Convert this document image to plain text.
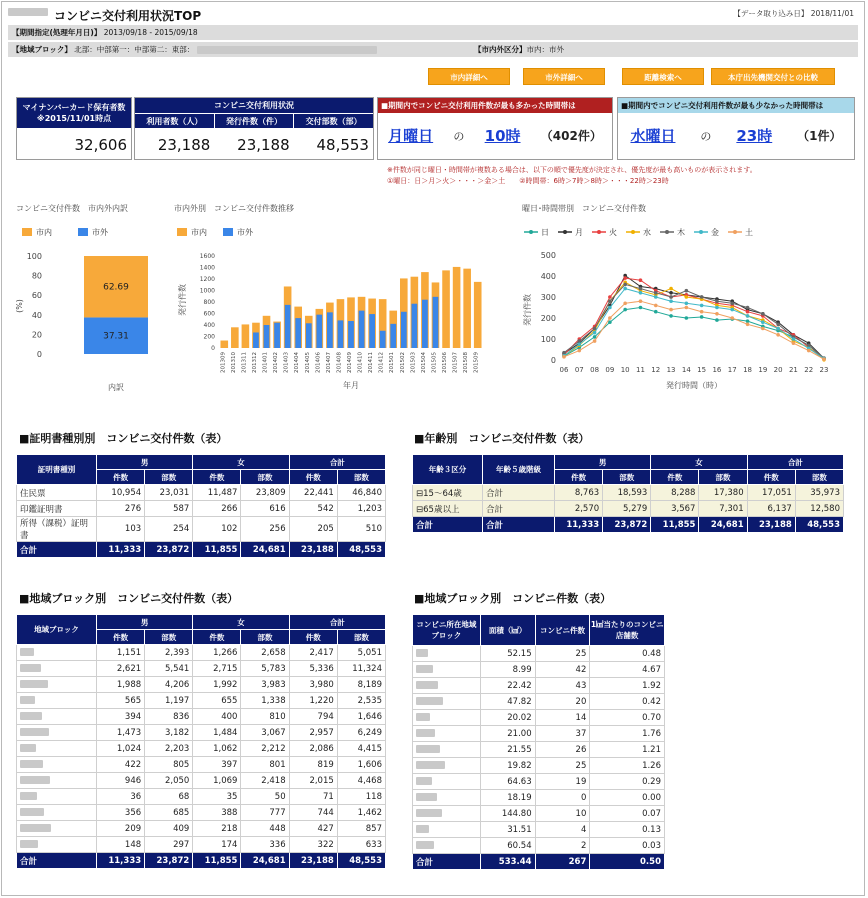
コンビニ交付利用状況TOP	【データ取り込み日】 2018/11/01
【期間指定(処理年月日)】 2013/09/18 - 2015/09/18
【地域ブロック】 北部：中部第一：中部第二：東部：	【市内外区分】市内：市外
市内詳細へ	市外詳細へ	距離検索へ	本庁出先機関交付との比較
マイナンバーカード保有者数
※2015/11/01時点
32,606
コンビニ交付利用状況
利用者数（人）	発行件数（件）	交付部数（部）
23,188	23,188	48,553
■期間内でコンビニ交付利用件数が最も多かった時間帯は
月曜日 の 10時 （402件）
■期間内でコンビニ交付利用件数が最も少なかった時間帯は
水曜日 の 23時 （1件）
※件数が同じ曜日・時間帯が複数ある場合は、以下の順で優先度が決定され、優先度が最も高いものが表示されます。
①曜日：日＞月＞火＞・・・＞金＞土　　②時間帯：6時＞7時＞8時＞・・・22時＞23時
コンビニ交付件数　市内外内訳
市内	市外
100
80
60
40
20
0
(%)
62.69
37.31
内訳
市内外別　コンビニ交付件数推移
市内	市外
1600
1400
1200
1000
800
600
400
200
0
発行件数
201309 201310 201311 201312 201401 201402 201403 201404 201405 201406 201407 201408 201409 201410 201411 201412 201501 201502 201503 201504 201505 201506 201507 201508 201509
年月
曜日･時間帯別　コンビニ交付件数
日	月	火	水	木	金	土
500
400
300
200
100
0
発行件数
06 07 08 09 10 11 12 13 14 15 16 17 18 19 20 21 22 23
発行時間（時）
■証明書種別別　コンビニ交付件数（表）	■年齢別　コンビニ交付件数（表）
■地域ブロック別　コンビニ交付件数（表）	■地域ブロック別　コンビニ件数（表）
証明書種別	男		女		合計	
	件数	部数	件数	部数	件数	部数
住民票	10,954	23,031	11,487	23,809	22,441	46,840
印鑑証明書	276	587	266	616	542	1,203
所得（課税）証明書	103	254	102	256	205	510
合計	11,333	23,872	11,855	24,681	23,188	48,553
年齢３区分	年齢５歳階級	男		女		合計	
		件数	部数	件数	部数	件数	部数
⊟15～64歳	合計	8,763	18,593	8,288	17,380	17,051	35,973
⊟65歳以上	合計	2,570	5,279	3,567	7,301	6,137	12,580
合計	合計	11,333	23,872	11,855	24,681	23,188	48,553
地域ブロック	男		女		合計	
	件数	部数	件数	部数	件数	部数
	1,151	2,393	1,266	2,658	2,417	5,051
	2,621	5,541	2,715	5,783	5,336	11,324
	1,988	4,206	1,992	3,983	3,980	8,189
	565	1,197	655	1,338	1,220	2,535
	394	836	400	810	794	1,646
	1,473	3,182	1,484	3,067	2,957	6,249
	1,024	2,203	1,062	2,212	2,086	4,415
	422	805	397	801	819	1,606
	946	2,050	1,069	2,418	2,015	4,468
	36	68	35	50	71	118
	356	685	388	777	744	1,462
	209	409	218	448	427	857
	148	297	174	336	322	633
合計	11,333	23,872	11,855	24,681	23,188	48,553
コンビニ所在地域ブロック	面積（㎢）	コンビニ件数	1㎢当たりのコンビニ店舗数
	52.15	25	0.48
	8.99	42	4.67
	22.42	43	1.92
	47.82	20	0.42
	20.02	14	0.70
	21.00	37	1.76
	21.55	26	1.21
	19.82	25	1.26
	64.63	19	0.29
	18.19	0	0.00
	144.80	10	0.07
	31.51	4	0.13
	60.54	2	0.03
合計	533.44	267	0.50
